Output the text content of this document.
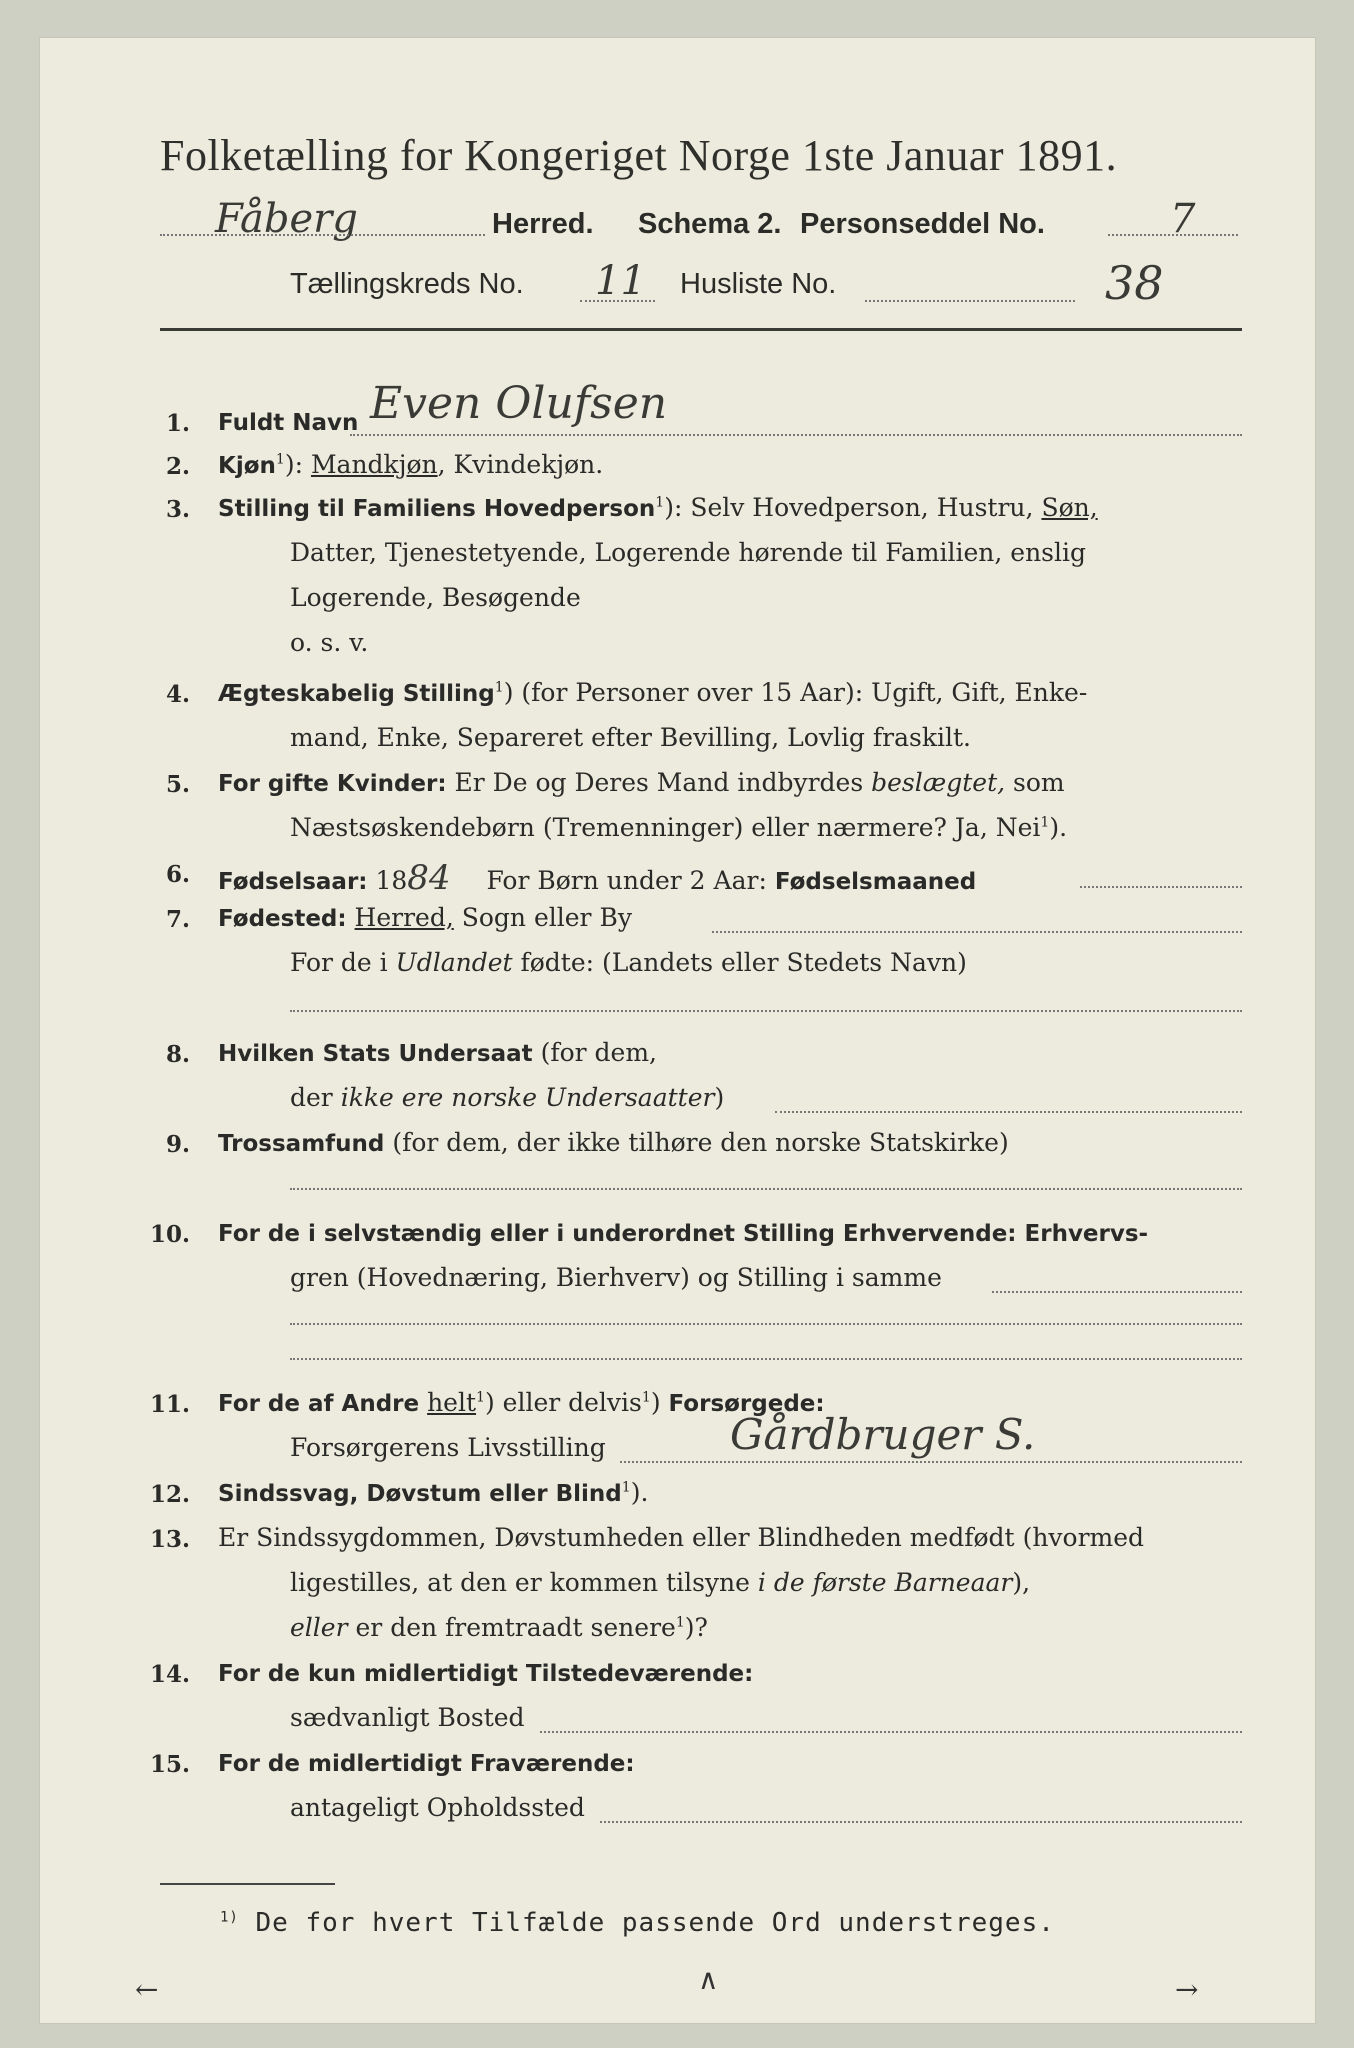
Folketælling for Kongeriget Norge 1ste Januar 1891.
Fåberg	Herred. Schema 2. Personseddel No.	7
Tællingskreds No. 11 Husliste No.	38
1. Fuldt Navn Even Olufsen
2. Kjøn$^1$): Mandkjøn, Kvindekjøn.
3. Stilling til Familiens Hovedperson$^1$): Selv Hovedperson, Hustru, Søn,
Datter, Tjenestetyende, Logerende hørende til Familien, enslig
Logerende, Besøgende
o. s. v.
4. Ægteskabelig Stilling$^1$) (for Personer over 15 Aar): Ugift, Gift, Enke-
mand, Enke, Separeret efter Bevilling, Lovlig fraskilt.
5. For gifte Kvinder: Er De og Deres Mand indbyrdes beslægtet, som
Næstsøskendebørn (Tremenninger) eller nærmere? Ja, Nei$^1$).
6. Fødselsaar: 1884 For Børn under 2 Aar: Fødselsmaaned
7. Fødested: Herred, Sogn eller By
For de i Udlandet fødte: (Landets eller Stedets Navn)
8. Hvilken Stats Undersaat (for dem,
der ikke ere norske Undersaatter)
9. Trossamfund (for dem, der ikke tilhøre den norske Statskirke)
10. For de i selvstændig eller i underordnet Stilling Erhvervende: Erhvervs-
gren (Hovednæring, Bierhverv) og Stilling i samme
11. For de af Andre helt$^1$) eller delvis$^1$) Forsørgede:
Forsørgerens Livsstilling	Gårdbruger S.
12. Sindssvag, Døvstum eller Blind$^1$).
13. Er Sindssygdommen, Døvstumheden eller Blindheden medfødt (hvormed
ligestilles, at den er kommen tilsyne i de første Barneaar),
eller er den fremtraadt senere$^1$)?
14. For de kun midlertidigt Tilstedeværende:
sædvanligt Bosted
15. For de midlertidigt Fraværende:
antageligt Opholdssted
$^{1)}$ De for hvert Tilfælde passende Ord understreges.
←	∧	→
